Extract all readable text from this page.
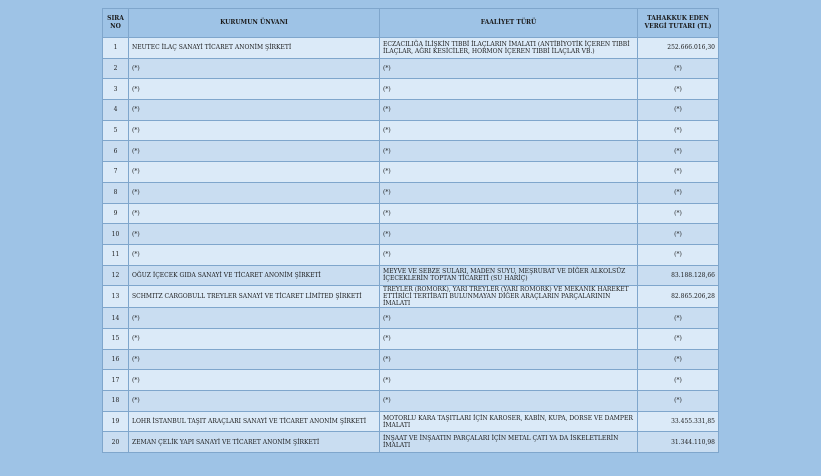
SIRA NO	KURUMUN ÜNVANI	FAALİYET TÜRÜ	TAHAKKUK EDEN VERGİ TUTARI (TL)
1	NEUTEC İLAÇ SANAYİ TİCARET ANONİM ŞİRKETİ	ECZACILIĞA İLİŞKİN TIBBİ İLAÇLARIN İMALATI (ANTİBİYOTİK İÇEREN TIBBİ İLAÇLAR, AĞRI KESİCİLER, HORMON İÇEREN TIBBİ İLAÇLAR VB.)	252.666.016,30
2	(*)	(*)	(*)
3	(*)	(*)	(*)
4	(*)	(*)	(*)
5	(*)	(*)	(*)
6	(*)	(*)	(*)
7	(*)	(*)	(*)
8	(*)	(*)	(*)
9	(*)	(*)	(*)
10	(*)	(*)	(*)
11	(*)	(*)	(*)
12	OĞUZ İÇECEK GIDA SANAYİ VE TİCARET ANONİM ŞİRKETİ	MEYVE VE SEBZE SULARI, MADEN SUYU, MEŞRUBAT VE DİĞER ALKOLSÜZ İÇECEKLERİN TOPTAN TİCARETİ (SU HARİÇ)	83.188.128,66
13	SCHMITZ CARGOBULL TREYLER SANAYİ VE TİCARET LİMİTED ŞİRKETİ	TREYLER (RÖMORK), YARI TREYLER (YARI RÖMORK) VE MEKANİK HAREKET ETTİRİCİ TERTİBATI BULUNMAYAN DİĞER ARAÇLARIN PARÇALARININ İMALATI	82.865.206,28
14	(*)	(*)	(*)
15	(*)	(*)	(*)
16	(*)	(*)	(*)
17	(*)	(*)	(*)
18	(*)	(*)	(*)
19	LOHR İSTANBUL TAŞIT ARAÇLARI SANAYİ VE TİCARET ANONİM ŞİRKETİ	MOTORLU KARA TAŞITLARI İÇİN KAROSER, KABİN, KUPA, DORSE VE DAMPER İMALATI	33.455.331,85
20	ZEMAN ÇELİK YAPI SANAYİ VE TİCARET ANONİM ŞİRKETİ	İNŞAAT VE İNŞAATIN PARÇALARI İÇİN METAL ÇATI YA DA İSKELETLERİN İMALATI	31.344.110,98
